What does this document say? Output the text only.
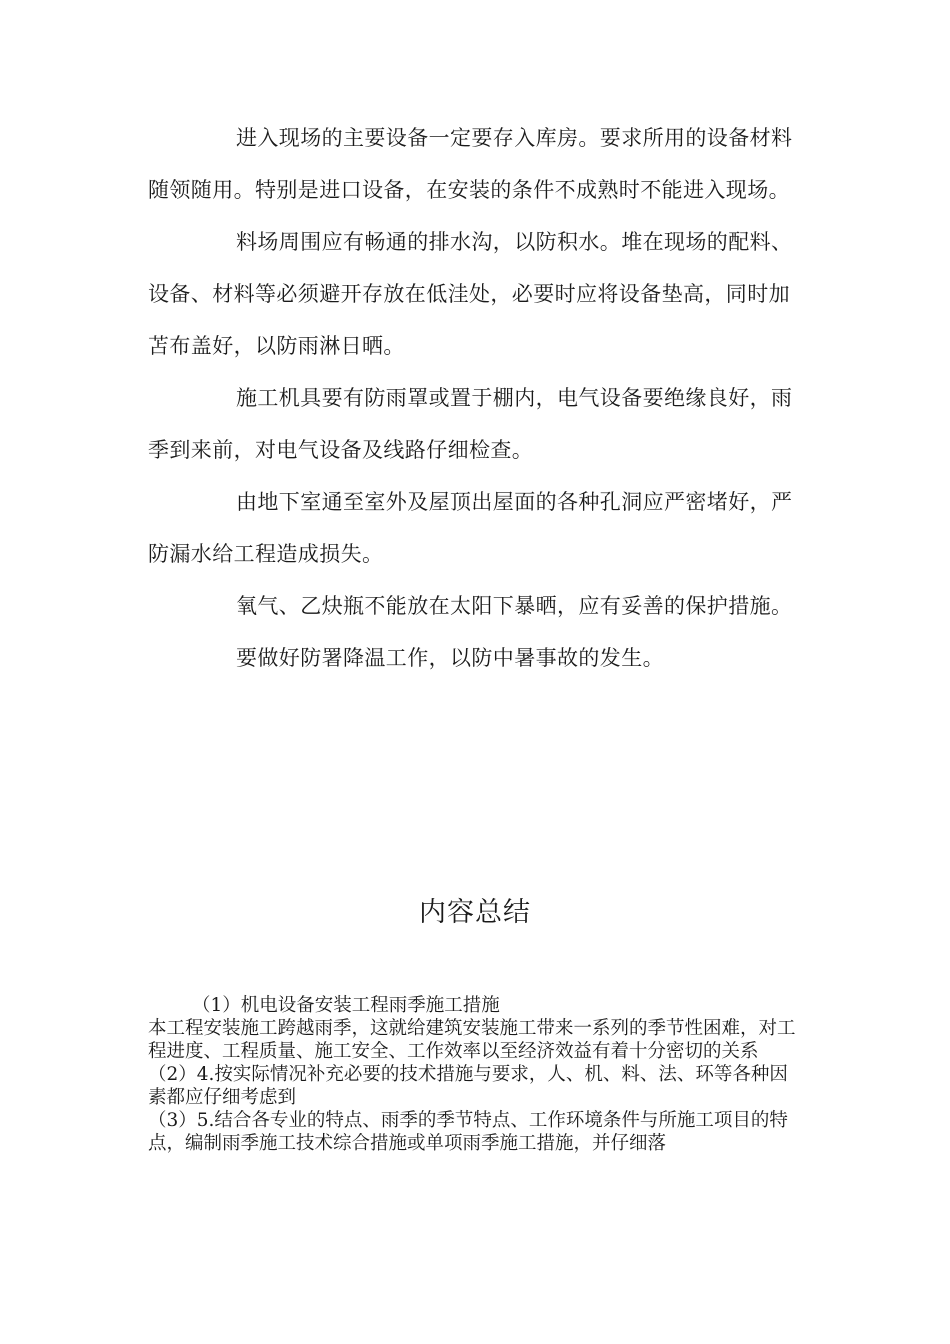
进入现场的主要设备一定要存入库房。要求所用的设备材料随领随用。特别是进口设备，在安装的条件不成熟时不能进入现场。

料场周围应有畅通的排水沟，以防积水。堆在现场的配料、设备、材料等必须避开存放在低洼处，必要时应将设备垫高，同时加苫布盖好，以防雨淋日晒。

施工机具要有防雨罩或置于棚内，电气设备要绝缘良好，雨季到来前，对电气设备及线路仔细检查。

由地下室通至室外及屋顶出屋面的各种孔洞应严密堵好，严防漏水给工程造成损失。

氧气、乙炔瓶不能放在太阳下暴晒，应有妥善的保护措施。

要做好防署降温工作，以防中暑事故的发生。

内容总结

（1）机电设备安装工程雨季施工措施

本工程安装施工跨越雨季，这就给建筑安装施工带来一系列的季节性困难，对工程进度、工程质量、施工安全、工作效率以至经济效益有着十分密切的关系

（2）4.按实际情况补充必要的技术措施与要求，人、机、料、法、环等各种因素都应仔细考虑到

（3）5.结合各专业的特点、雨季的季节特点、工作环境条件与所施工项目的特点，编制雨季施工技术综合措施或单项雨季施工措施，并仔细落
